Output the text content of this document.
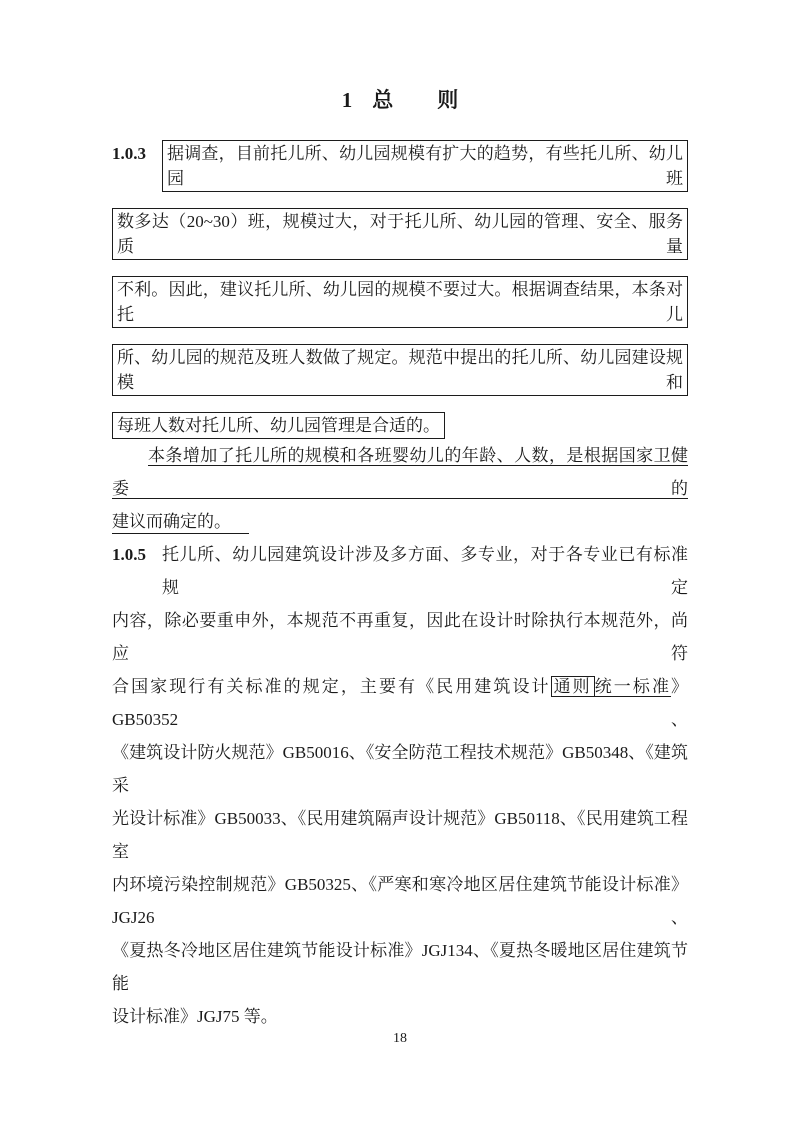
1 总 则
1.0.3 据调查，目前托儿所、幼儿园规模有扩大的趋势，有些托儿所、幼儿园班
数多达（20~30）班，规模过大，对于托儿所、幼儿园的管理、安全、服务质量
不利。因此，建议托儿所、幼儿园的规模不要过大。根据调查结果，本条对托儿
所、幼儿园的规范及班人数做了规定。规范中提出的托儿所、幼儿园建设规模和
每班人数对托儿所、幼儿园管理是合适的。
本条增加了托儿所的规模和各班婴幼儿的年龄、人数，是根据国家卫健委的
建议而确定的。
1.0.5 托儿所、幼儿园建筑设计涉及多方面、多专业，对于各专业已有标准规定
内容，除必要重申外，本规范不再重复，因此在设计时除执行本规范外，尚应符
合国家现行有关标准的规定，主要有《民用建筑设计 通则 统一标准》GB50352、
《建筑设计防火规范》GB50016、《安全防范工程技术规范》GB50348、《建筑采
光设计标准》GB50033、《民用建筑隔声设计规范》GB50118、《民用建筑工程室
内环境污染控制规范》GB50325、《严寒和寒冷地区居住建筑节能设计标准》JGJ26、
《夏热冬冷地区居住建筑节能设计标准》JGJ134、《夏热冬暖地区居住建筑节能
设计标准》JGJ75 等。
18
